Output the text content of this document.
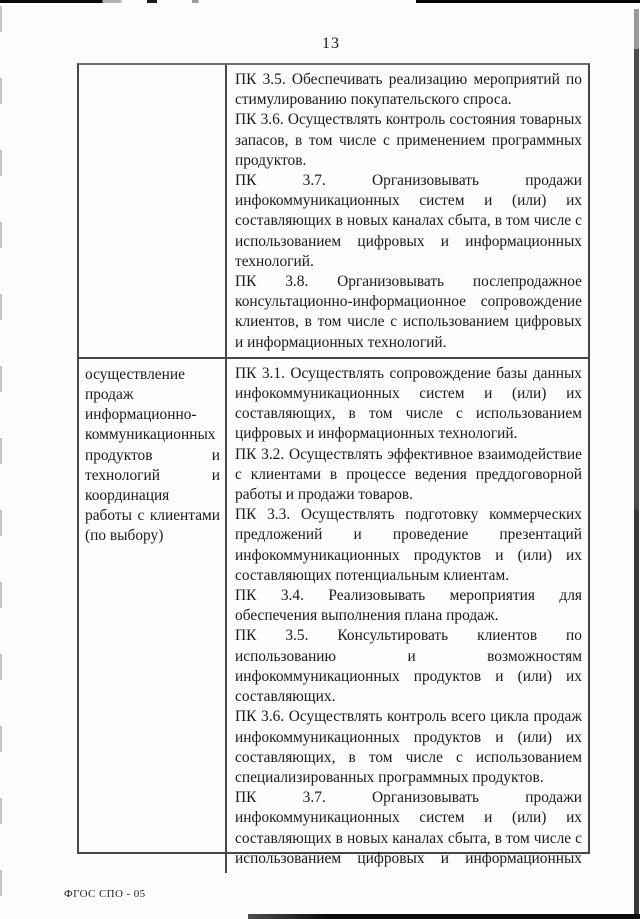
13

ПК 3.5. Обеспечивать реализацию мероприятий по стимулированию покупательского спроса.

ПК 3.6. Осуществлять контроль состояния товарных запасов, в том числе с применением программных продуктов.

ПК 3.7. Организовывать продажи инфокоммуникационных систем и (или) их составляющих в новых каналах сбыта, в том числе с использованием цифровых и информационных технологий.

ПК 3.8. Организовывать послепродажное консультационно-информационное сопровождение клиентов, в том числе с использованием цифровых и информационных технологий.

осуществление продаж информационно-коммуникационных продуктов и технологий и координация работы с клиентами (по выбору)

ПК 3.1. Осуществлять сопровождение базы данных инфокоммуникационных систем и (или) их составляющих, в том числе с использованием цифровых и информационных технологий.

ПК 3.2. Осуществлять эффективное взаимодействие с клиентами в процессе ведения преддоговорной работы и продажи товаров.

ПК 3.3. Осуществлять подготовку коммерческих предложений и проведение презентаций инфокоммуникационных продуктов и (или) их составляющих потенциальным клиентам.

ПК 3.4. Реализовывать мероприятия для обеспечения выполнения плана продаж.

ПК 3.5. Консультировать клиентов по использованию и возможностям инфокоммуникационных продуктов и (или) их составляющих.

ПК 3.6. Осуществлять контроль всего цикла продаж инфокоммуникационных продуктов и (или) их составляющих, в том числе с использованием специализированных программных продуктов.

ПК 3.7. Организовывать продажи инфокоммуникационных систем и (или) их составляющих в новых каналах сбыта, в том числе с использованием цифровых и информационных

ФГОС СПО - 05
